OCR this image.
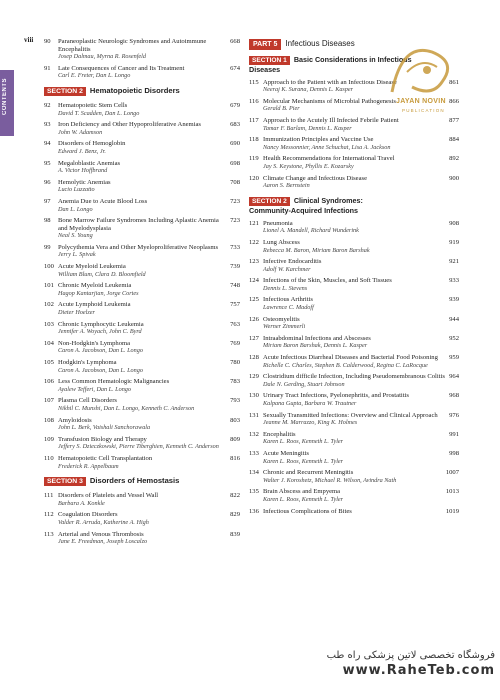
viii
CONTENTS
90	668
Paraneoplastic Neurologic Syndromes and Autoimmune Encephalitis
Josep Dalmau, Myrna R. Rosenfeld
91	674
Late Consequences of Cancer and Its Treatment
Carl E. Freter, Dan L. Longo
SECTION 2 Hematopoietic Disorders
92	679
Hematopoietic Stem Cells
David T. Scadden, Dan L. Longo
93	683
Iron Deficiency and Other Hypoproliferative Anemias
John W. Adamson
94	690
Disorders of Hemoglobin
Edward J. Benz, Jr.
95	698
Megaloblastic Anemias
A. Victor Hoffbrand
96	708
Hemolytic Anemias
Lucio Luzzatto
97	723
Anemia Due to Acute Blood Loss
Dan L. Longo
98	723
Bone Marrow Failure Syndromes Including Aplastic Anemia and Myelodysplasia
Neal S. Young
99	733
Polycythemia Vera and Other Myeloproliferative Neoplasms
Jerry L. Spivak
100	739
Acute Myeloid Leukemia
William Blum, Clara D. Bloomfield
101	748
Chronic Myeloid Leukemia
Hagop Kantarjian, Jorge Cortes
102	757
Acute Lymphoid Leukemia
Dieter Hoelzer
103	763
Chronic Lymphocytic Leukemia
Jennifer A. Woyach, John C. Byrd
104	769
Non-Hodgkin's Lymphoma
Caron A. Jacobson, Dan L. Longo
105	780
Hodgkin's Lymphoma
Caron A. Jacobson, Dan L. Longo
106	783
Less Common Hematologic Malignancies
Ayalew Tefferi, Dan L. Longo
107	793
Plasma Cell Disorders
Nikhil C. Munshi, Dan L. Longo, Kenneth C. Anderson
108	803
Amyloidosis
John L. Berk, Vaishali Sanchorawala
109	809
Transfusion Biology and Therapy
Jeffery S. Dzieczkowski, Pierre Tiberghien, Kenneth C. Anderson
110	816
Hematopoietic Cell Transplantation
Frederick R. Appelbaum
SECTION 3 Disorders of Hemostasis
111	822
Disorders of Platelets and Vessel Wall
Barbara A. Konkle
112	829
Coagulation Disorders
Valder R. Arruda, Katherine A. High
113	839
Arterial and Venous Thrombosis
Jane E. Freedman, Joseph Loscalzo
PART 5 Infectious Diseases
SECTION 1 Basic Considerations in Infectious
Diseases
115	861
Approach to the Patient with an Infectious Disease
Neeraj K. Surana, Dennis L. Kasper
116	866
Molecular Mechanisms of Microbial Pathogenesis
Gerald B. Pier
117	877
Approach to the Acutely Ill Infected Febrile Patient
Tamar F. Barlam, Dennis L. Kasper
118	884
Immunization Principles and Vaccine Use
Nancy Messonnier, Anne Schuchat, Lisa A. Jackson
119	892
Health Recommendations for International Travel
Jay S. Keystone, Phyllis E. Kozarsky
120	900
Climate Change and Infectious Disease
Aaron S. Bernstein
SECTION 2 Clinical Syndromes:
Community-Acquired Infections
121	908
Pneumonia
Lionel A. Mandell, Richard Wunderink
122	919
Lung Abscess
Rebecca M. Baron, Miriam Baron Barshak
123	921
Infective Endocarditis
Adolf W. Karchmer
124	933
Infections of the Skin, Muscles, and Soft Tissues
Dennis L. Stevens
125	939
Infectious Arthritis
Lawrence C. Madoff
126	944
Osteomyelitis
Werner Zimmerli
127	952
Intraabdominal Infections and Abscesses
Miriam Baron Barshak, Dennis L. Kasper
128	959
Acute Infectious Diarrheal Diseases and Bacterial Food Poisoning
Richelle C. Charles, Stephen B. Calderwood, Regina C. LaRocque
129	964
Clostridium difficile Infection, Including Pseudomembranous Colitis
Dale N. Gerding, Stuart Johnson
130	968
Urinary Tract Infections, Pyelonephritis, and Prostatitis
Kalpana Gupta, Barbara W. Trautner
131	976
Sexually Transmitted Infections: Overview and Clinical Approach
Jeanne M. Marrazzo, King K. Holmes
132	991
Encephalitis
Karen L. Roos, Kenneth L. Tyler
133	998
Acute Meningitis
Karen L. Roos, Kenneth L. Tyler
134	1007
Chronic and Recurrent Meningitis
Walter J. Koroshetz, Michael R. Wilson, Avindra Nath
135	1013
Brain Abscess and Empyema
Karen L. Roos, Kenneth L. Tyler
136	1019
Infectious Complications of Bites
JAYAN NOVIN
PUBLICATION
فروشگاه تخصصی لاتین پزشکی راه طب
www.RaheTeb.com
